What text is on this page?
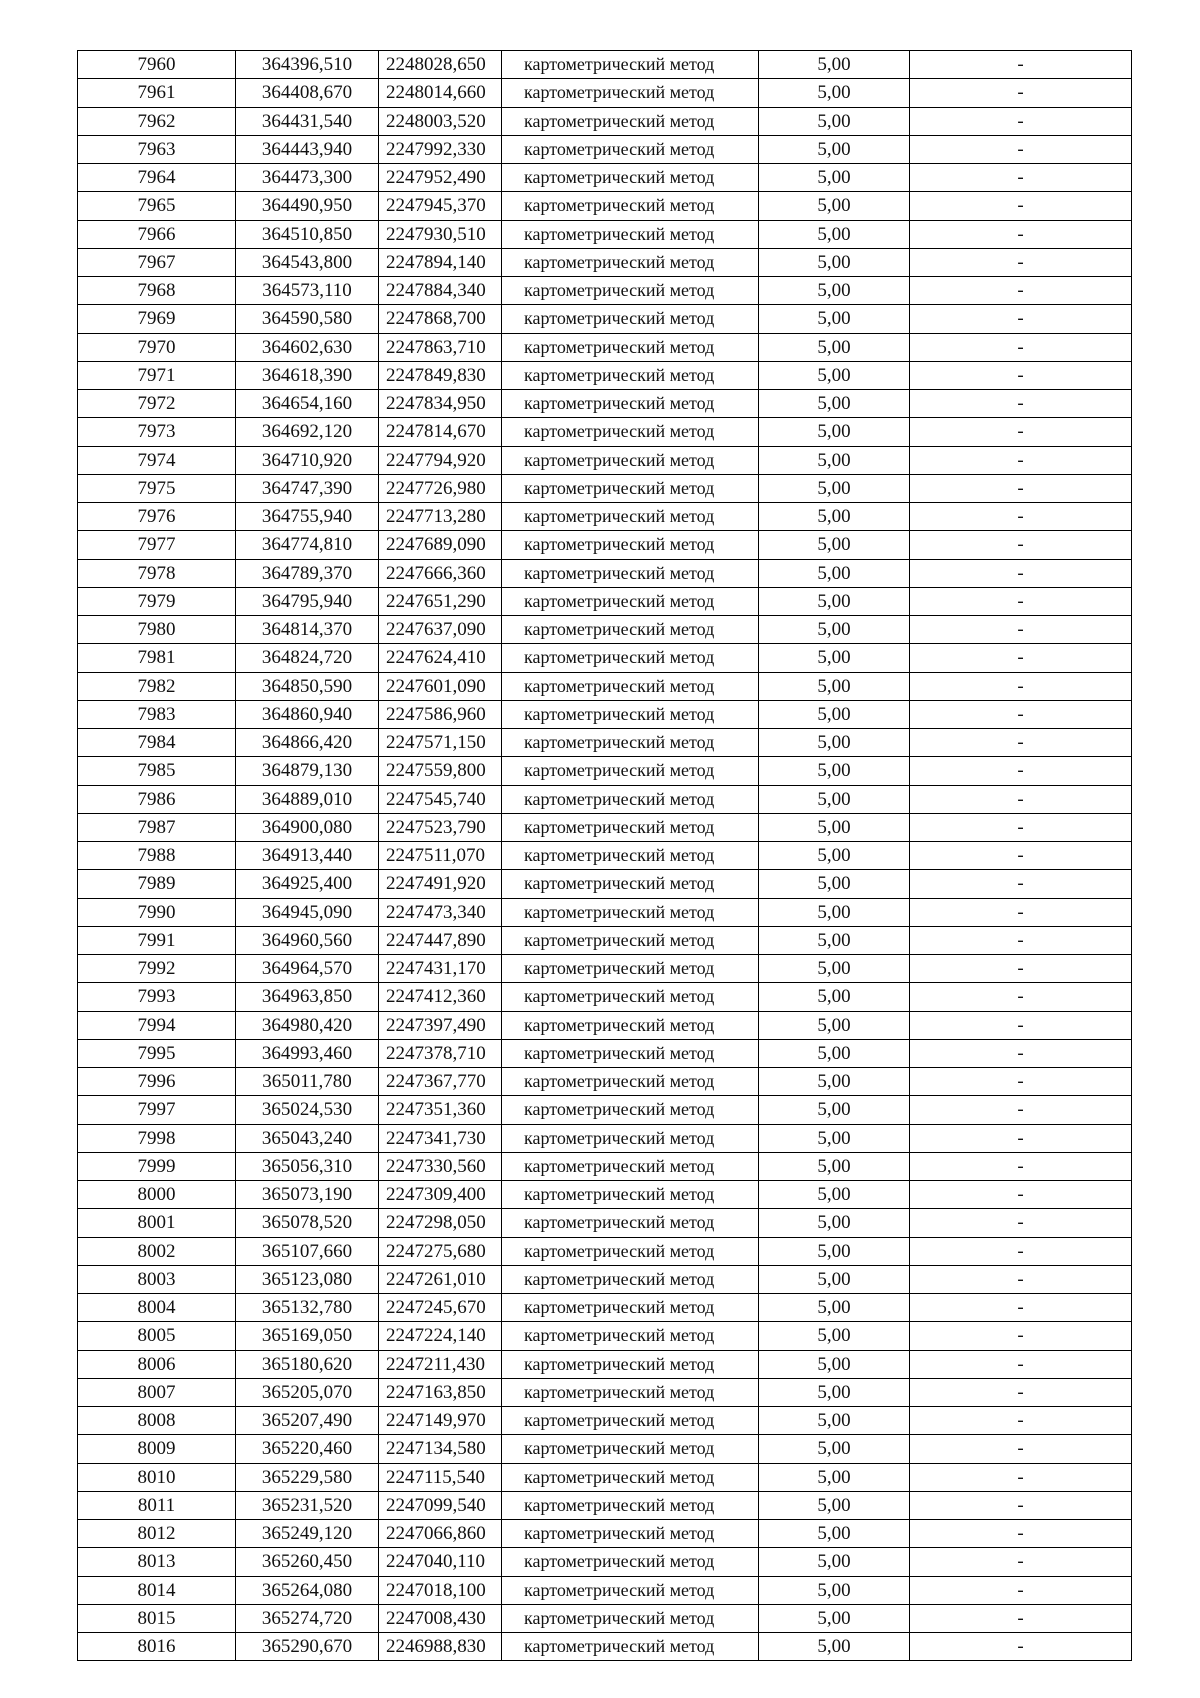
7960	364396,510	2248028,650	картометрический метод	5,00	-
7961	364408,670	2248014,660	картометрический метод	5,00	-
7962	364431,540	2248003,520	картометрический метод	5,00	-
7963	364443,940	2247992,330	картометрический метод	5,00	-
7964	364473,300	2247952,490	картометрический метод	5,00	-
7965	364490,950	2247945,370	картометрический метод	5,00	-
7966	364510,850	2247930,510	картометрический метод	5,00	-
7967	364543,800	2247894,140	картометрический метод	5,00	-
7968	364573,110	2247884,340	картометрический метод	5,00	-
7969	364590,580	2247868,700	картометрический метод	5,00	-
7970	364602,630	2247863,710	картометрический метод	5,00	-
7971	364618,390	2247849,830	картометрический метод	5,00	-
7972	364654,160	2247834,950	картометрический метод	5,00	-
7973	364692,120	2247814,670	картометрический метод	5,00	-
7974	364710,920	2247794,920	картометрический метод	5,00	-
7975	364747,390	2247726,980	картометрический метод	5,00	-
7976	364755,940	2247713,280	картометрический метод	5,00	-
7977	364774,810	2247689,090	картометрический метод	5,00	-
7978	364789,370	2247666,360	картометрический метод	5,00	-
7979	364795,940	2247651,290	картометрический метод	5,00	-
7980	364814,370	2247637,090	картометрический метод	5,00	-
7981	364824,720	2247624,410	картометрический метод	5,00	-
7982	364850,590	2247601,090	картометрический метод	5,00	-
7983	364860,940	2247586,960	картометрический метод	5,00	-
7984	364866,420	2247571,150	картометрический метод	5,00	-
7985	364879,130	2247559,800	картометрический метод	5,00	-
7986	364889,010	2247545,740	картометрический метод	5,00	-
7987	364900,080	2247523,790	картометрический метод	5,00	-
7988	364913,440	2247511,070	картометрический метод	5,00	-
7989	364925,400	2247491,920	картометрический метод	5,00	-
7990	364945,090	2247473,340	картометрический метод	5,00	-
7991	364960,560	2247447,890	картометрический метод	5,00	-
7992	364964,570	2247431,170	картометрический метод	5,00	-
7993	364963,850	2247412,360	картометрический метод	5,00	-
7994	364980,420	2247397,490	картометрический метод	5,00	-
7995	364993,460	2247378,710	картометрический метод	5,00	-
7996	365011,780	2247367,770	картометрический метод	5,00	-
7997	365024,530	2247351,360	картометрический метод	5,00	-
7998	365043,240	2247341,730	картометрический метод	5,00	-
7999	365056,310	2247330,560	картометрический метод	5,00	-
8000	365073,190	2247309,400	картометрический метод	5,00	-
8001	365078,520	2247298,050	картометрический метод	5,00	-
8002	365107,660	2247275,680	картометрический метод	5,00	-
8003	365123,080	2247261,010	картометрический метод	5,00	-
8004	365132,780	2247245,670	картометрический метод	5,00	-
8005	365169,050	2247224,140	картометрический метод	5,00	-
8006	365180,620	2247211,430	картометрический метод	5,00	-
8007	365205,070	2247163,850	картометрический метод	5,00	-
8008	365207,490	2247149,970	картометрический метод	5,00	-
8009	365220,460	2247134,580	картометрический метод	5,00	-
8010	365229,580	2247115,540	картометрический метод	5,00	-
8011	365231,520	2247099,540	картометрический метод	5,00	-
8012	365249,120	2247066,860	картометрический метод	5,00	-
8013	365260,450	2247040,110	картометрический метод	5,00	-
8014	365264,080	2247018,100	картометрический метод	5,00	-
8015	365274,720	2247008,430	картометрический метод	5,00	-
8016	365290,670	2246988,830	картометрический метод	5,00	-
